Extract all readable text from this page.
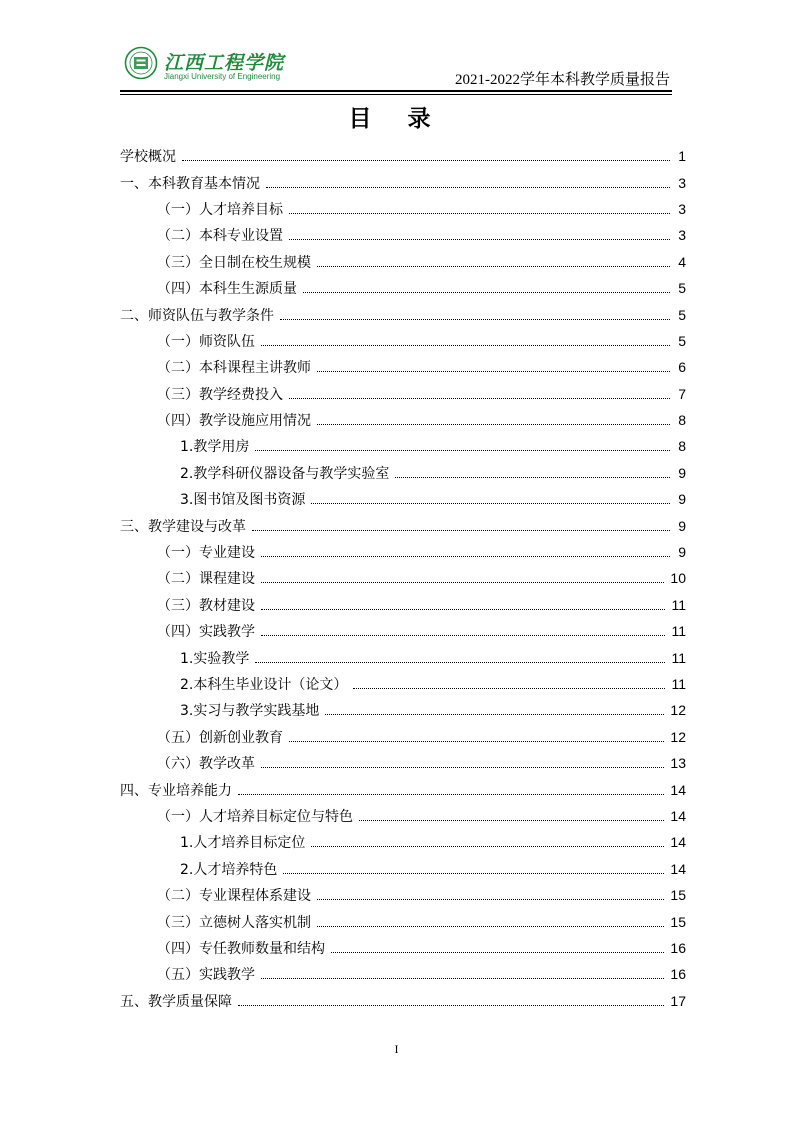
江西工程学院
Jiangxi University of Engineering	2021-2022学年本科教学质量报告
目 录
学校概况	1
一、本科教育基本情况	3
（一）人才培养目标	3
（二）本科专业设置	3
（三）全日制在校生规模	4
（四）本科生生源质量	5
二、师资队伍与教学条件	5
（一）师资队伍	5
（二）本科课程主讲教师	6
（三）教学经费投入	7
（四）教学设施应用情况	8
1.教学用房	8
2.教学科研仪器设备与教学实验室	9
3.图书馆及图书资源	9
三、教学建设与改革	9
（一）专业建设	9
（二）课程建设	10
（三）教材建设	11
（四）实践教学	11
1.实验教学	11
2.本科生毕业设计（论文）	11
3.实习与教学实践基地	12
（五）创新创业教育	12
（六）教学改革	13
四、专业培养能力	14
（一）人才培养目标定位与特色	14
1.人才培养目标定位	14
2.人才培养特色	14
（二）专业课程体系建设	15
（三）立德树人落实机制	15
（四）专任教师数量和结构	16
（五）实践教学	16
五、教学质量保障	17
I
